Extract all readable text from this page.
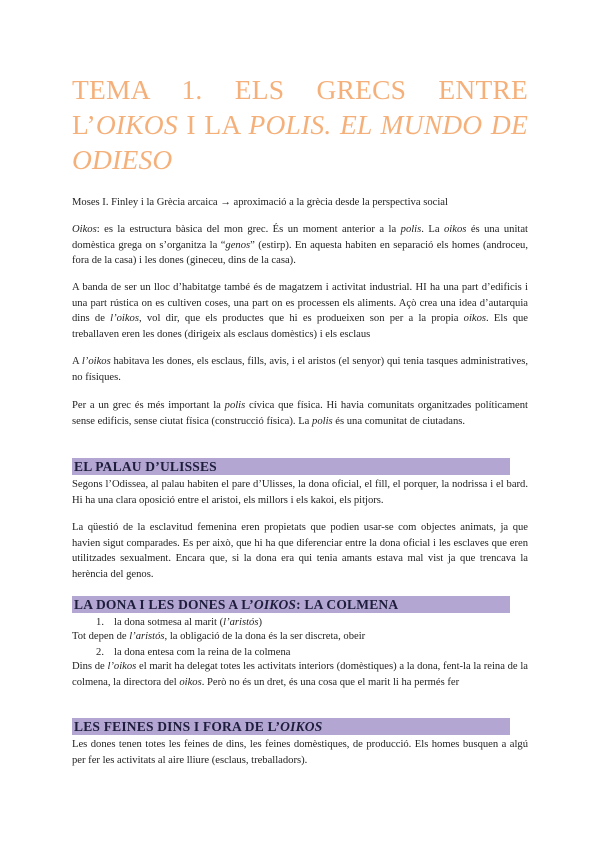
TEMA 1. ELS GRECS ENTRE
L’OIKOS I LA POLIS. EL MUNDO DE
ODIESO
Moses I. Finley i la Grècia arcaica → aproximació a la grècia desde la perspectiva social
Oikos: es la estructura bàsica del mon grec. És un moment anterior a la polis. La oikos és una unitat domèstica grega on s’organitza la “genos” (estirp). En aquesta habiten en separació els homes (androceu, fora de la casa) i les dones (gineceu, dins de la casa).
A banda de ser un lloc d’habitatge també és de magatzem i activitat industrial. HI ha una part d’edificis i una part rústica on es cultiven coses, una part on es processen els aliments. Açò crea una idea d’autarquia dins de l’oikos, vol dir, que els productes que hi es produeixen son per a la propia oikos. Els que treballaven eren les dones (dirigeix als esclaus domèstics) i els esclaus
A l’oikos habitava les dones, els esclaus, fills, avis, i el aristos (el senyor) qui tenia tasques administratives, no físiques.
Per a un grec és més important la polis cívica que física. Hi havia comunitats organitzades políticament sense edificis, sense ciutat física (construcció física). La polis és una comunitat de ciutadans.
EL PALAU D’ULISSES
Segons l’Odissea, al palau habiten el pare d’Ulisses, la dona oficial, el fill, el porquer, la nodrissa i el bard. Hi ha una clara oposició entre el aristoi, els millors i els kakoi, els pitjors.
La qüestió de la esclavitud femenina eren propietats que podien usar-se com objectes animats, ja que havien sigut comparades. Es per això, que hi ha que diferenciar entre la dona oficial i les esclaves que eren utilitzades sexualment. Encara que, si la dona era qui tenia amants estava mal vist ja que trencava la herència del genos.
LA DONA I LES DONES A L’OIKOS: LA COLMENA
1. la dona sotmesa al marit (l’aristós)
Tot depen de l’aristós, la obligació de la dona és la ser discreta, obeir
2. la dona entesa com la reina de la colmena
Dins de l’oikos el marit ha delegat totes les activitats interiors (domèstiques) a la dona, fent-la la reina de la colmena, la directora del oikos. Però no és un dret, és una cosa que el marit li ha permés fer
LES FEINES DINS I FORA DE L’OIKOS
Les dones tenen totes les feines de dins, les feines domèstiques, de producció. Els homes busquen a algú per fer les activitats al aire lliure (esclaus, treballadors).
